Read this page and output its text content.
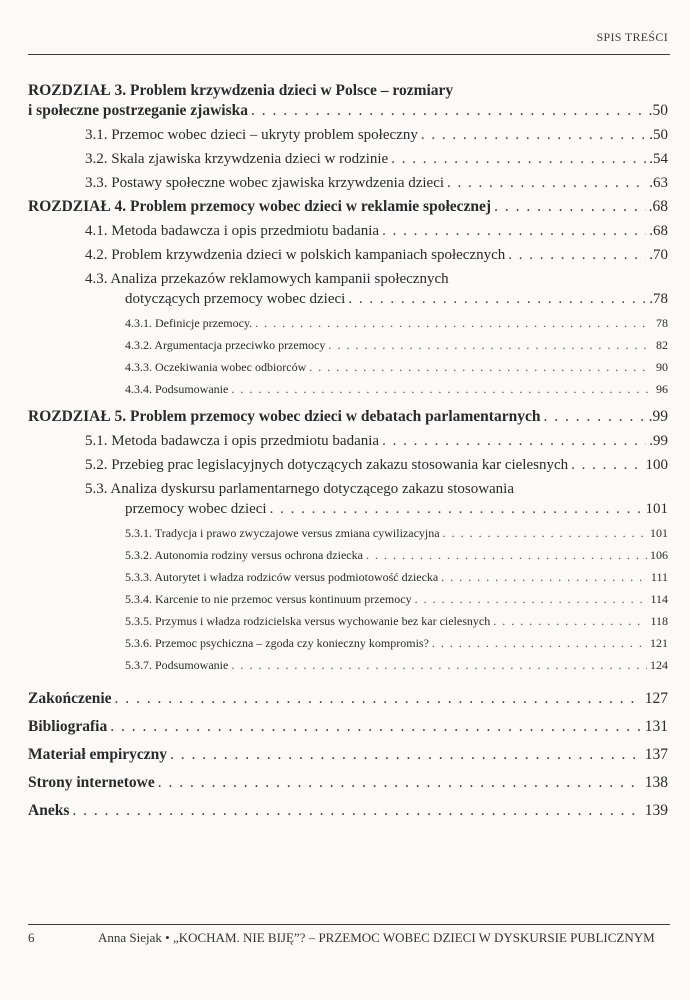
SPIS TREŚCI
ROZDZIAŁ 3. Problem krzywdzenia dzieci w Polsce – rozmiary
i społeczne postrzeganie zjawiska . . .	.50
3.1. Przemoc wobec dzieci – ukryty problem społeczny . . .	.50
3.2. Skala zjawiska krzywdzenia dzieci w rodzinie . . .	.54
3.3. Postawy społeczne wobec zjawiska krzywdzenia dzieci . . .	.63
ROZDZIAŁ 4. Problem przemocy wobec dzieci w reklamie społecznej . . .	.68
4.1. Metoda badawcza i opis przedmiotu badania . . .	.68
4.2. Problem krzywdzenia dzieci w polskich kampaniach społecznych . . .	.70
4.3. Analiza przekazów reklamowych kampanii społecznych
dotyczących przemocy wobec dzieci . . .	.78
4.3.1. Definicje przemocy. . . .	78
4.3.2. Argumentacja przeciwko przemocy . . .	82
4.3.3. Oczekiwania wobec odbiorców . . .	90
4.3.4. Podsumowanie . . .	96
ROZDZIAŁ 5. Problem przemocy wobec dzieci w debatach parlamentarnych . . .	.99
5.1. Metoda badawcza i opis przedmiotu badania . . .	.99
5.2. Przebieg prac legislacyjnych dotyczących zakazu stosowania kar cielesnych . . .	100
5.3. Analiza dyskursu parlamentarnego dotyczącego zakazu stosowania
przemocy wobec dzieci . . .	101
5.3.1. Tradycja i prawo zwyczajowe versus zmiana cywilizacyjna . . .	101
5.3.2. Autonomia rodziny versus ochrona dziecka . . .	106
5.3.3. Autorytet i władza rodziców versus podmiotowość dziecka . . .	111
5.3.4. Karcenie to nie przemoc versus kontinuum przemocy . . .	114
5.3.5. Przymus i władza rodzicielska versus wychowanie bez kar cielesnych . . .	118
5.3.6. Przemoc psychiczna – zgoda czy konieczny kompromis? . . .	121
5.3.7. Podsumowanie . . .	124
Zakończenie . . .	127
Bibliografia . . .	131
Materiał empiryczny . . .	137
Strony internetowe . . .	138
Aneks . . .	139
6	Anna Siejak • „KOCHAM. NIE BIJĘ”? – PRZEMOC WOBEC DZIECI W DYSKURSIE PUBLICZNYM
